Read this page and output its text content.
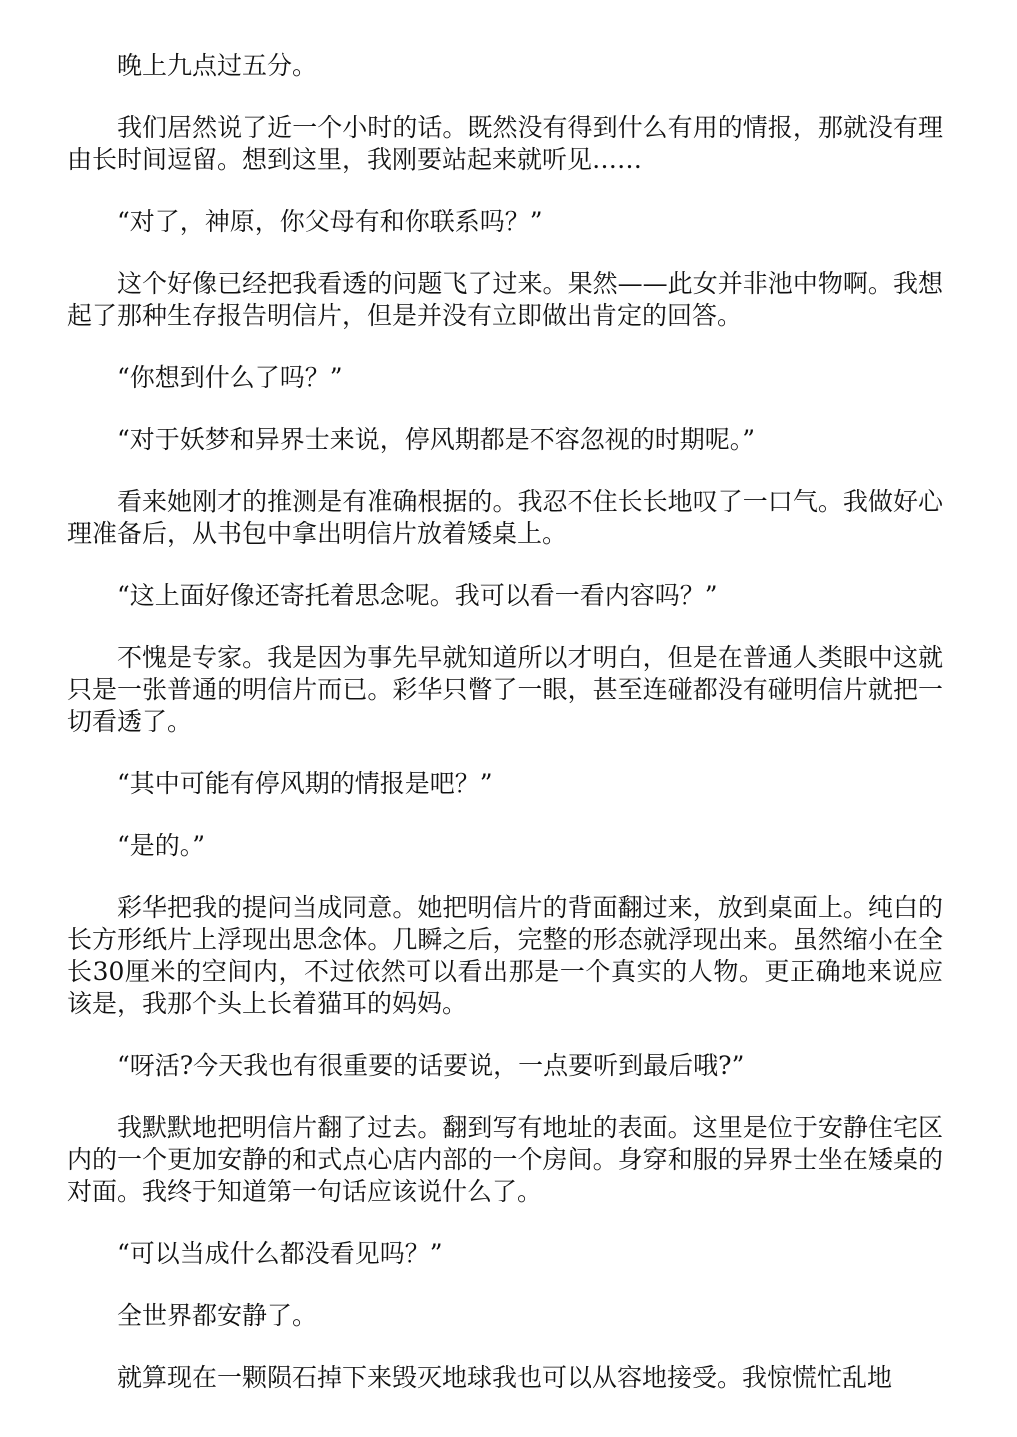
晚上九点过五分。

我们居然说了近一个小时的话。既然没有得到什么有用的情报，那就没有理由长时间逗留。想到这里，我刚要站起来就听见……

“对了，神原，你父母有和你联系吗？”

这个好像已经把我看透的问题飞了过来。果然——此女并非池中物啊。我想起了那种生存报告明信片，但是并没有立即做出肯定的回答。

“你想到什么了吗？”

“对于妖梦和异界士来说，停风期都是不容忽视的时期呢。”

看来她刚才的推测是有准确根据的。我忍不住长长地叹了一口气。我做好心理准备后，从书包中拿出明信片放着矮桌上。

“这上面好像还寄托着思念呢。我可以看一看内容吗？”

不愧是专家。我是因为事先早就知道所以才明白，但是在普通人类眼中这就只是一张普通的明信片而已。彩华只瞥了一眼，甚至连碰都没有碰明信片就把一切看透了。

“其中可能有停风期的情报是吧？”

“是的。”

彩华把我的提问当成同意。她把明信片的背面翻过来，放到桌面上。纯白的长方形纸片上浮现出思念体。几瞬之后，完整的形态就浮现出来。虽然缩小在全长30厘米的空间内，不过依然可以看出那是一个真实的人物。更正确地来说应该是，我那个头上长着猫耳的妈妈。

“呀活?今天我也有很重要的话要说，一点要听到最后哦?”

我默默地把明信片翻了过去。翻到写有地址的表面。这里是位于安静住宅区内的一个更加安静的和式点心店内部的一个房间。身穿和服的异界士坐在矮桌的对面。我终于知道第一句话应该说什么了。

“可以当成什么都没看见吗？”

全世界都安静了。

就算现在一颗陨石掉下来毁灭地球我也可以从容地接受。我惊慌忙乱地
